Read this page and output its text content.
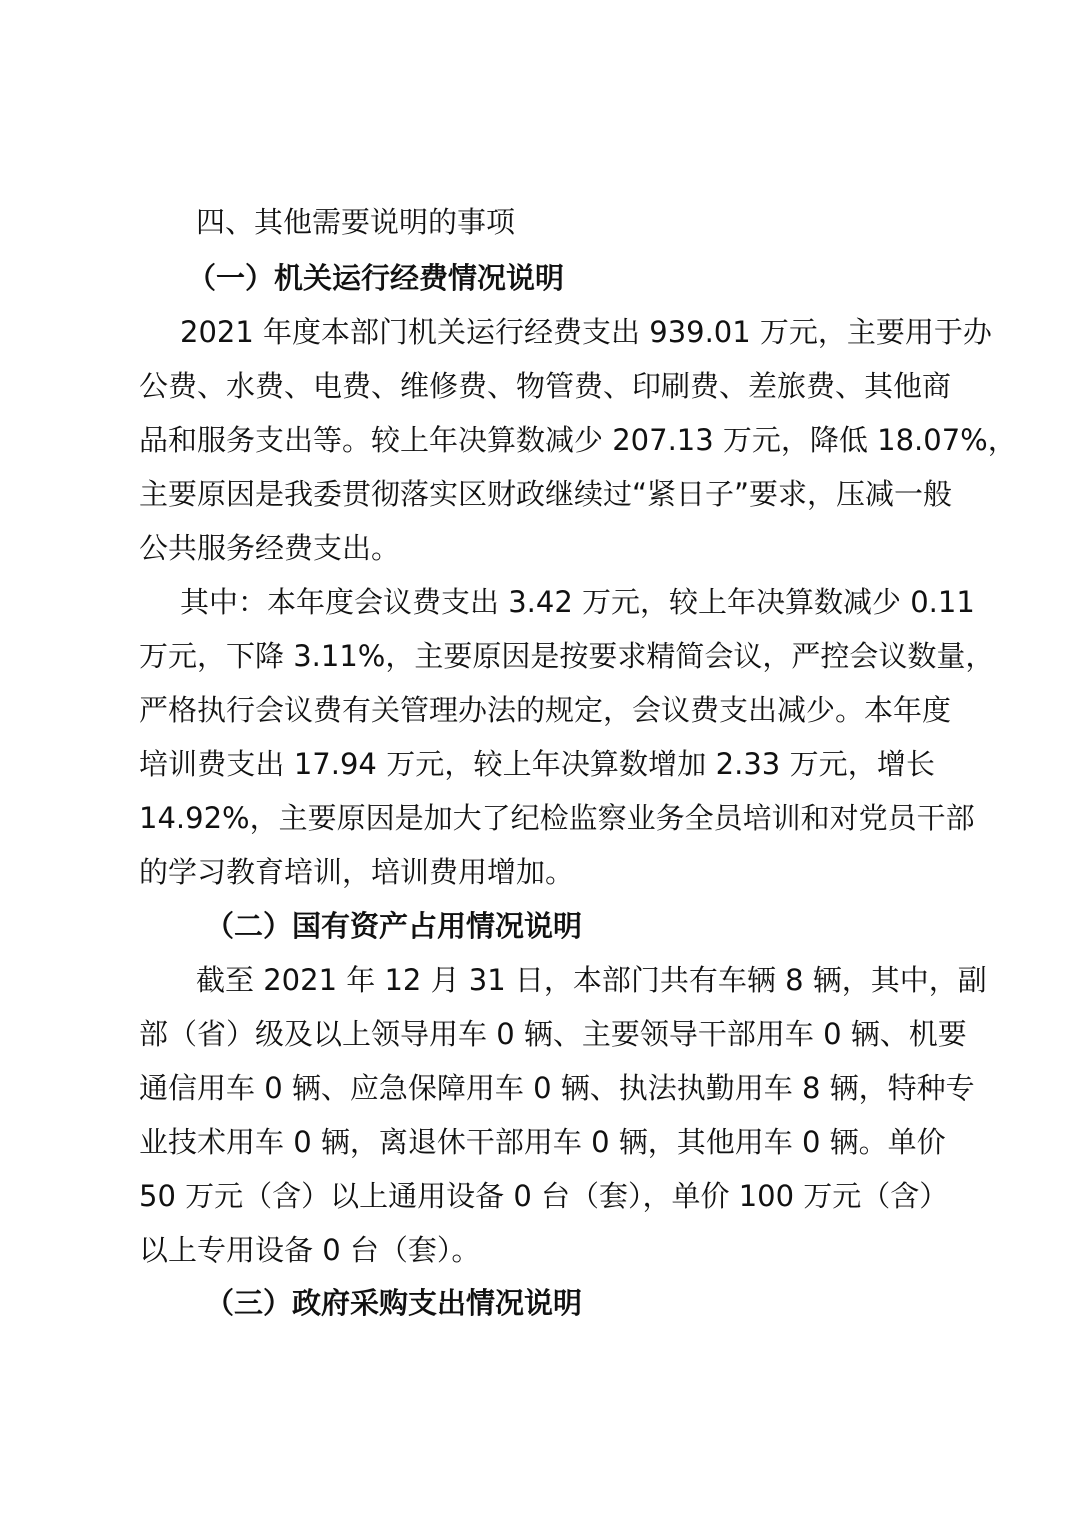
四、其他需要说明的事项
（一）机关运行经费情况说明
2021 年度本部门机关运行经费支出 939.01 万元，主要用于办
公费、水费、电费、维修费、物管费、印刷费、差旅费、其他商
品和服务支出等。较上年决算数减少 207.13 万元，降低 18.07%，
主要原因是我委贯彻落实区财政继续过“紧日子”要求，压减一般
公共服务经费支出。
其中：本年度会议费支出 3.42 万元，较上年决算数减少 0.11
万元，下降 3.11%，主要原因是按要求精简会议，严控会议数量，
严格执行会议费有关管理办法的规定，会议费支出减少。本年度
培训费支出 17.94 万元，较上年决算数增加 2.33 万元，增长
14.92%，主要原因是加大了纪检监察业务全员培训和对党员干部
的学习教育培训，培训费用增加。
（二）国有资产占用情况说明
截至 2021 年 12 月 31 日，本部门共有车辆 8 辆，其中，副
部（省）级及以上领导用车 0 辆、主要领导干部用车 0 辆、机要
通信用车 0 辆、应急保障用车 0 辆、执法执勤用车 8 辆，特种专
业技术用车 0 辆，离退休干部用车 0 辆，其他用车 0 辆。单价
50 万元（含）以上通用设备 0 台（套），单价 100 万元（含）
以上专用设备 0 台（套）。
（三）政府采购支出情况说明
